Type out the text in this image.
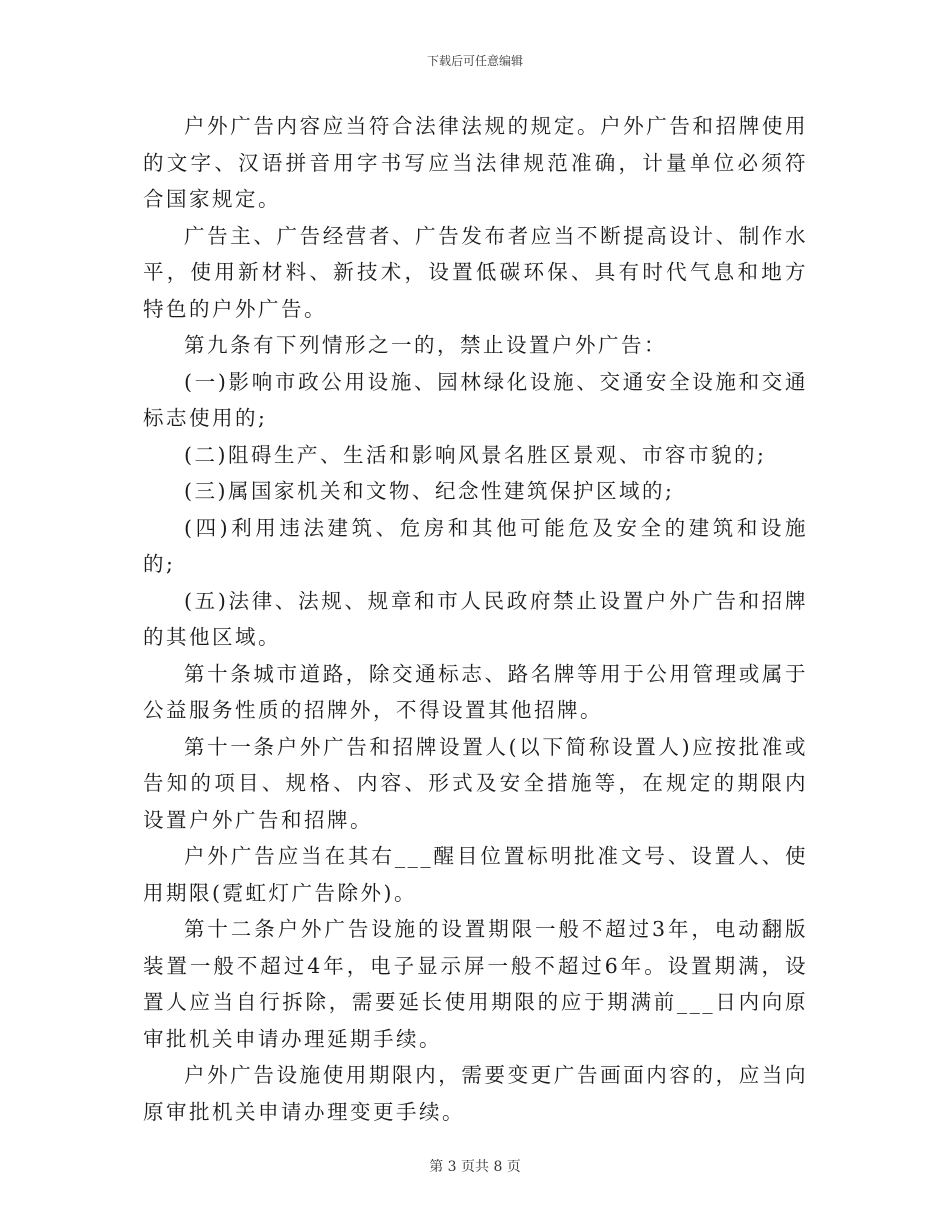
下载后可任意编辑

户外广告内容应当符合法律法规的规定。户外广告和招牌使用的文字、汉语拼音用字书写应当法律规范准确，计量单位必须符合国家规定。

广告主、广告经营者、广告发布者应当不断提高设计、制作水平，使用新材料、新技术，设置低碳环保、具有时代气息和地方特色的户外广告。

第九条有下列情形之一的，禁止设置户外广告：

(一)影响市政公用设施、园林绿化设施、交通安全设施和交通标志使用的;

(二)阻碍生产、生活和影响风景名胜区景观、市容市貌的;

(三)属国家机关和文物、纪念性建筑保护区域的;

(四)利用违法建筑、危房和其他可能危及安全的建筑和设施的;

(五)法律、法规、规章和市人民政府禁止设置户外广告和招牌的其他区域。

第十条城市道路，除交通标志、路名牌等用于公用管理或属于公益服务性质的招牌外，不得设置其他招牌。

第十一条户外广告和招牌设置人(以下简称设置人)应按批准或告知的项目、规格、内容、形式及安全措施等，在规定的期限内设置户外广告和招牌。

户外广告应当在其右___醒目位置标明批准文号、设置人、使用期限(霓虹灯广告除外)。

第十二条户外广告设施的设置期限一般不超过3年，电动翻版装置一般不超过4年，电子显示屏一般不超过6年。设置期满，设置人应当自行拆除，需要延长使用期限的应于期满前___日内向原审批机关申请办理延期手续。

户外广告设施使用期限内，需要变更广告画面内容的，应当向原审批机关申请办理变更手续。

第 3 页共 8 页
